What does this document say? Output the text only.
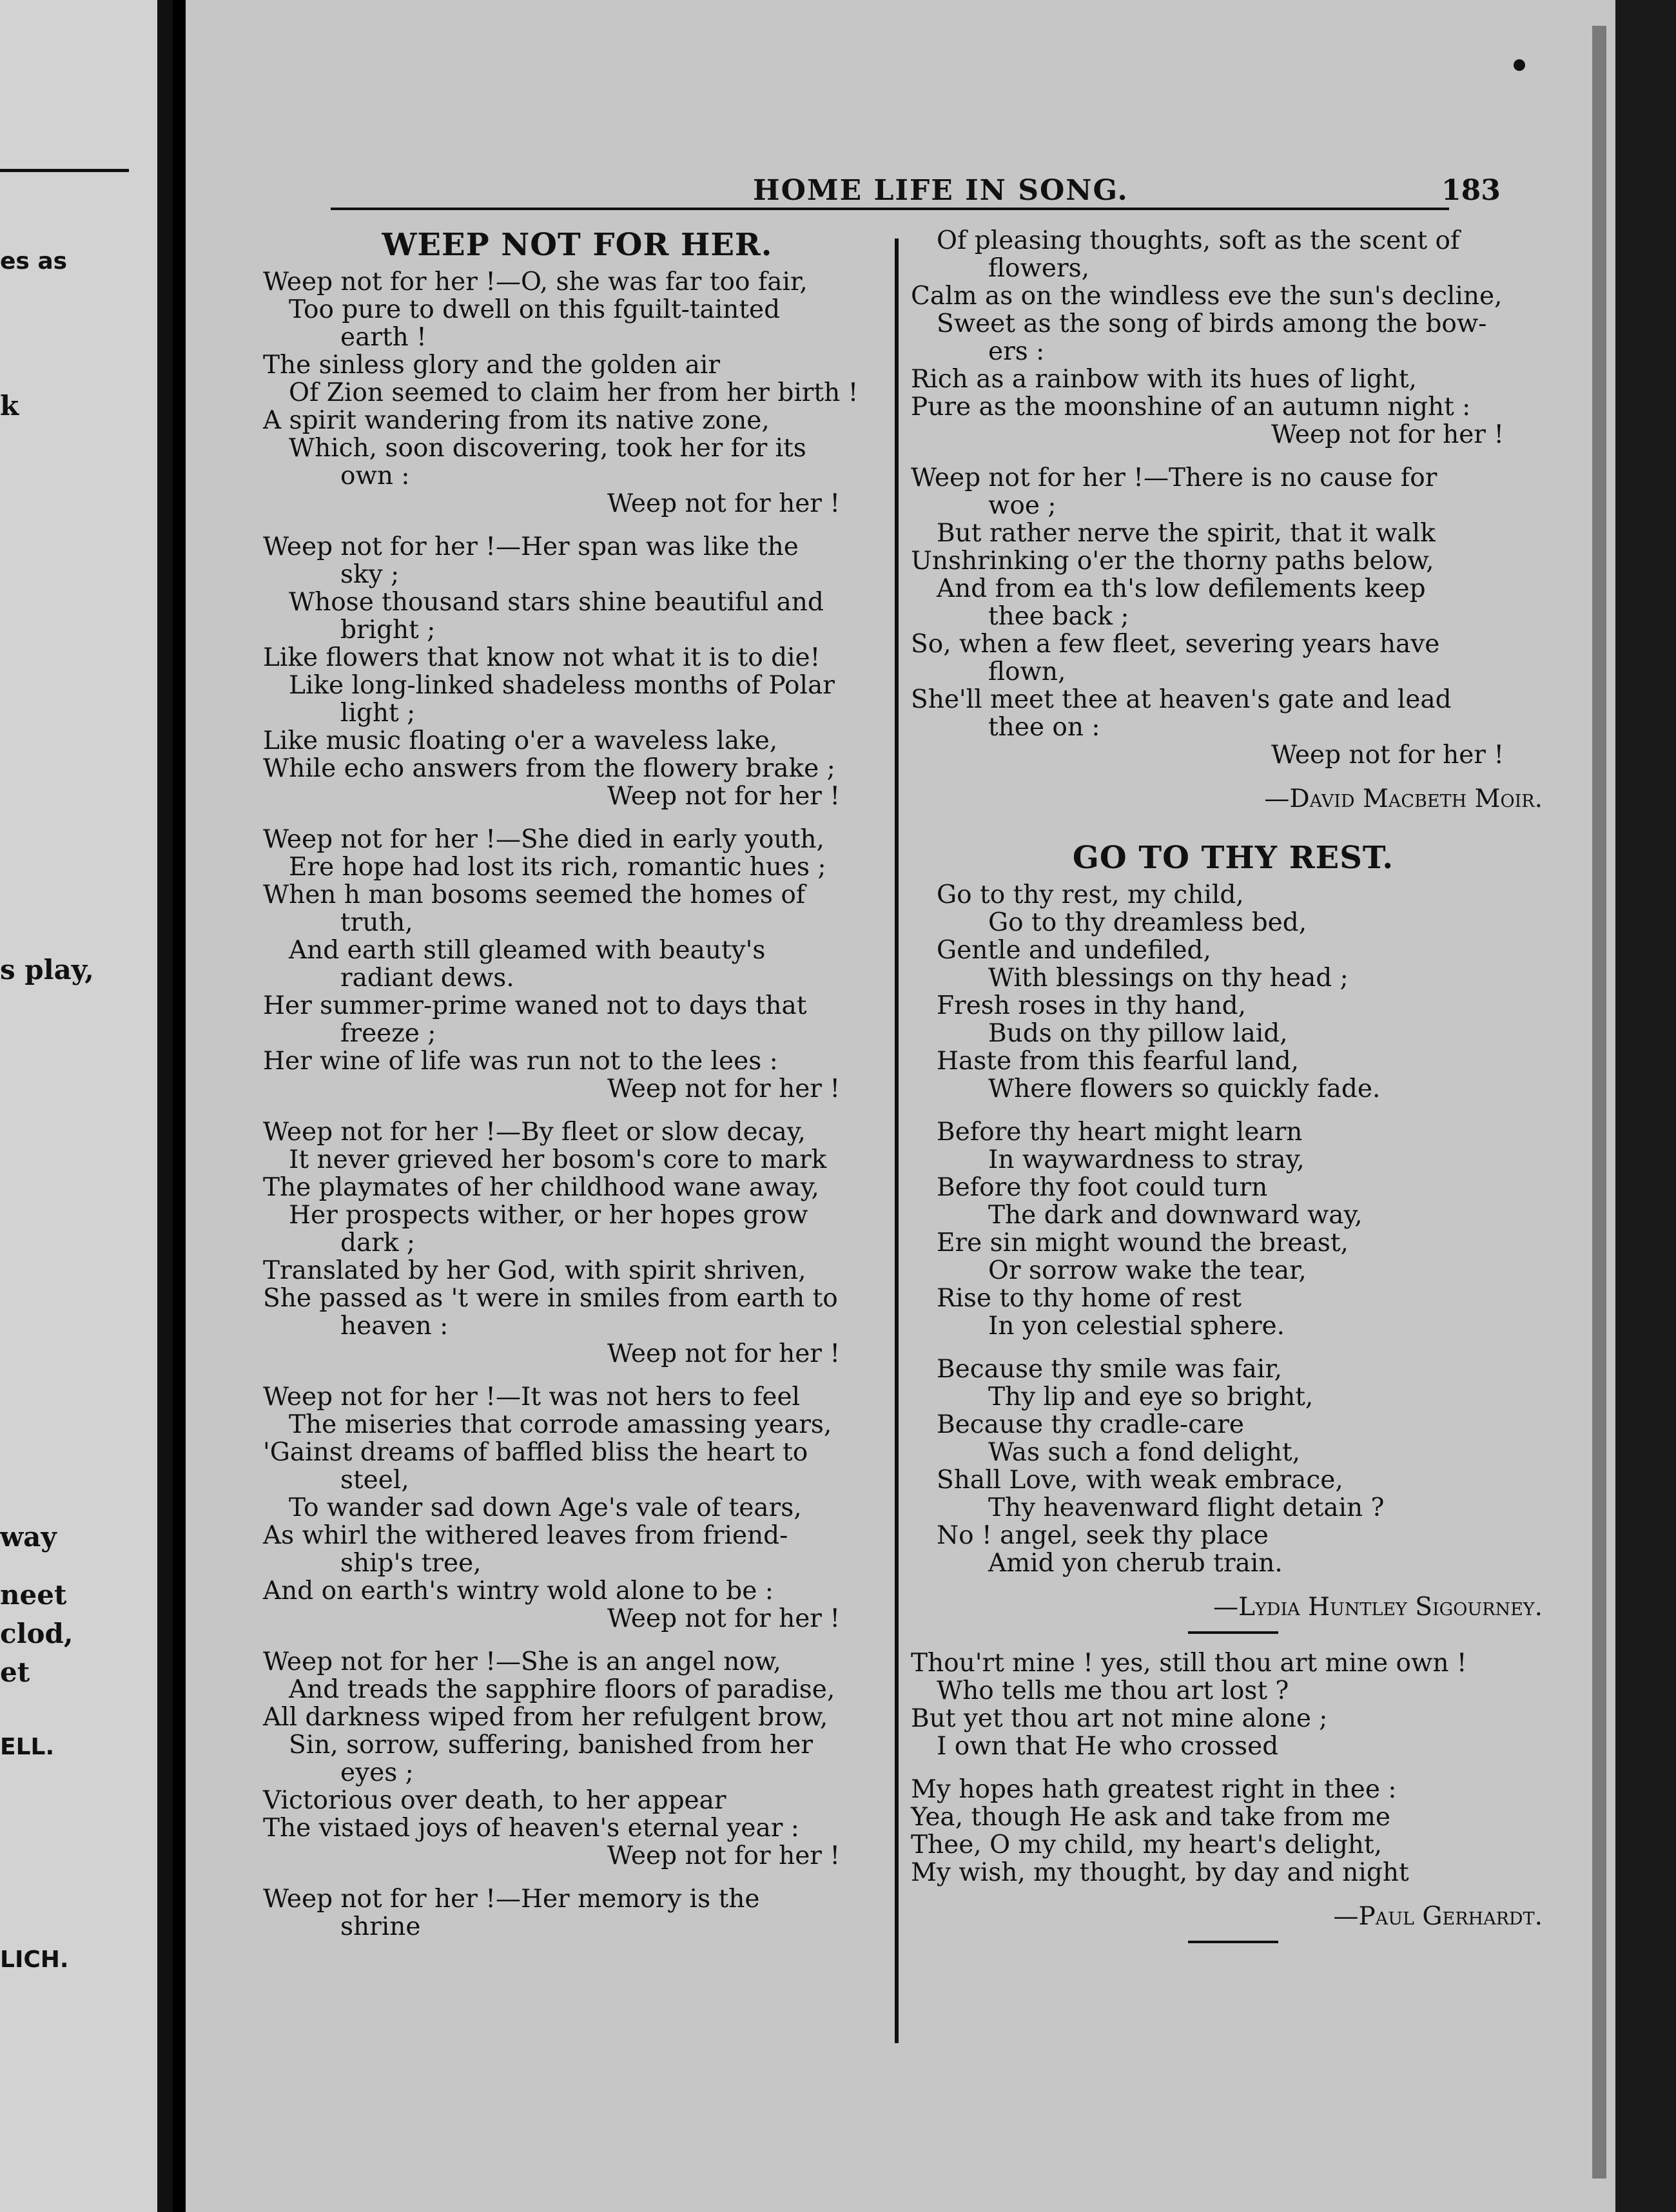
es as
k
s play,
way
neet
clod,
et
ELL.
LICH.
HOME LIFE IN SONG.	183
WEEP NOT FOR HER.
Weep not for her !—O, she was far too fair,
Too pure to dwell on this fguilt-tainted
earth !
The sinless glory and the golden air
Of Zion seemed to claim her from her birth !
A spirit wandering from its native zone,
Which, soon discovering, took her for its
own :
Weep not for her !
Weep not for her !—Her span was like the
sky ;
Whose thousand stars shine beautiful and
bright ;
Like flowers that know not what it is to die!
Like long-linked shadeless months of Polar
light ;
Like music floating o'er a waveless lake,
While echo answers from the flowery brake ;
Weep not for her !
Weep not for her !—She died in early youth,
Ere hope had lost its rich, romantic hues ;
When h man bosoms seemed the homes of
truth,
And earth still gleamed with beauty's
radiant dews.
Her summer-prime waned not to days that
freeze ;
Her wine of life was run not to the lees :
Weep not for her !
Weep not for her !—By fleet or slow decay,
It never grieved her bosom's core to mark
The playmates of her childhood wane away,
Her prospects wither, or her hopes grow
dark ;
Translated by her God, with spirit shriven,
She passed as 't were in smiles from earth to
heaven :
Weep not for her !
Weep not for her !—It was not hers to feel
The miseries that corrode amassing years,
'Gainst dreams of baffled bliss the heart to
steel,
To wander sad down Age's vale of tears,
As whirl the withered leaves from friend-
ship's tree,
And on earth's wintry wold alone to be :
Weep not for her !
Weep not for her !—She is an angel now,
And treads the sapphire floors of paradise,
All darkness wiped from her refulgent brow,
Sin, sorrow, suffering, banished from her
eyes ;
Victorious over death, to her appear
The vistaed joys of heaven's eternal year :
Weep not for her !
Weep not for her !—Her memory is the
shrine
Of pleasing thoughts, soft as the scent of
flowers,
Calm as on the windless eve the sun's decline,
Sweet as the song of birds among the bow-
ers :
Rich as a rainbow with its hues of light,
Pure as the moonshine of an autumn night :
Weep not for her !
Weep not for her !—There is no cause for
woe ;
But rather nerve the spirit, that it walk
Unshrinking o'er the thorny paths below,
And from ea th's low defilements keep
thee back ;
So, when a few fleet, severing years have
flown,
She'll meet thee at heaven's gate and lead
thee on :
Weep not for her !
—David Macbeth Moir.
GO TO THY REST.
Go to thy rest, my child,
Go to thy dreamless bed,
Gentle and undefiled,
With blessings on thy head ;
Fresh roses in thy hand,
Buds on thy pillow laid,
Haste from this fearful land,
Where flowers so quickly fade.
Before thy heart might learn
In waywardness to stray,
Before thy foot could turn
The dark and downward way,
Ere sin might wound the breast,
Or sorrow wake the tear,
Rise to thy home of rest
In yon celestial sphere.
Because thy smile was fair,
Thy lip and eye so bright,
Because thy cradle-care
Was such a fond delight,
Shall Love, with weak embrace,
Thy heavenward flight detain ?
No ! angel, seek thy place
Amid yon cherub train.
—Lydia Huntley Sigourney.
Thou'rt mine ! yes, still thou art mine own !
Who tells me thou art lost ?
But yet thou art not mine alone ;
I own that He who crossed
My hopes hath greatest right in thee :
Yea, though He ask and take from me
Thee, O my child, my heart's delight,
My wish, my thought, by day and night
—Paul Gerhardt.
